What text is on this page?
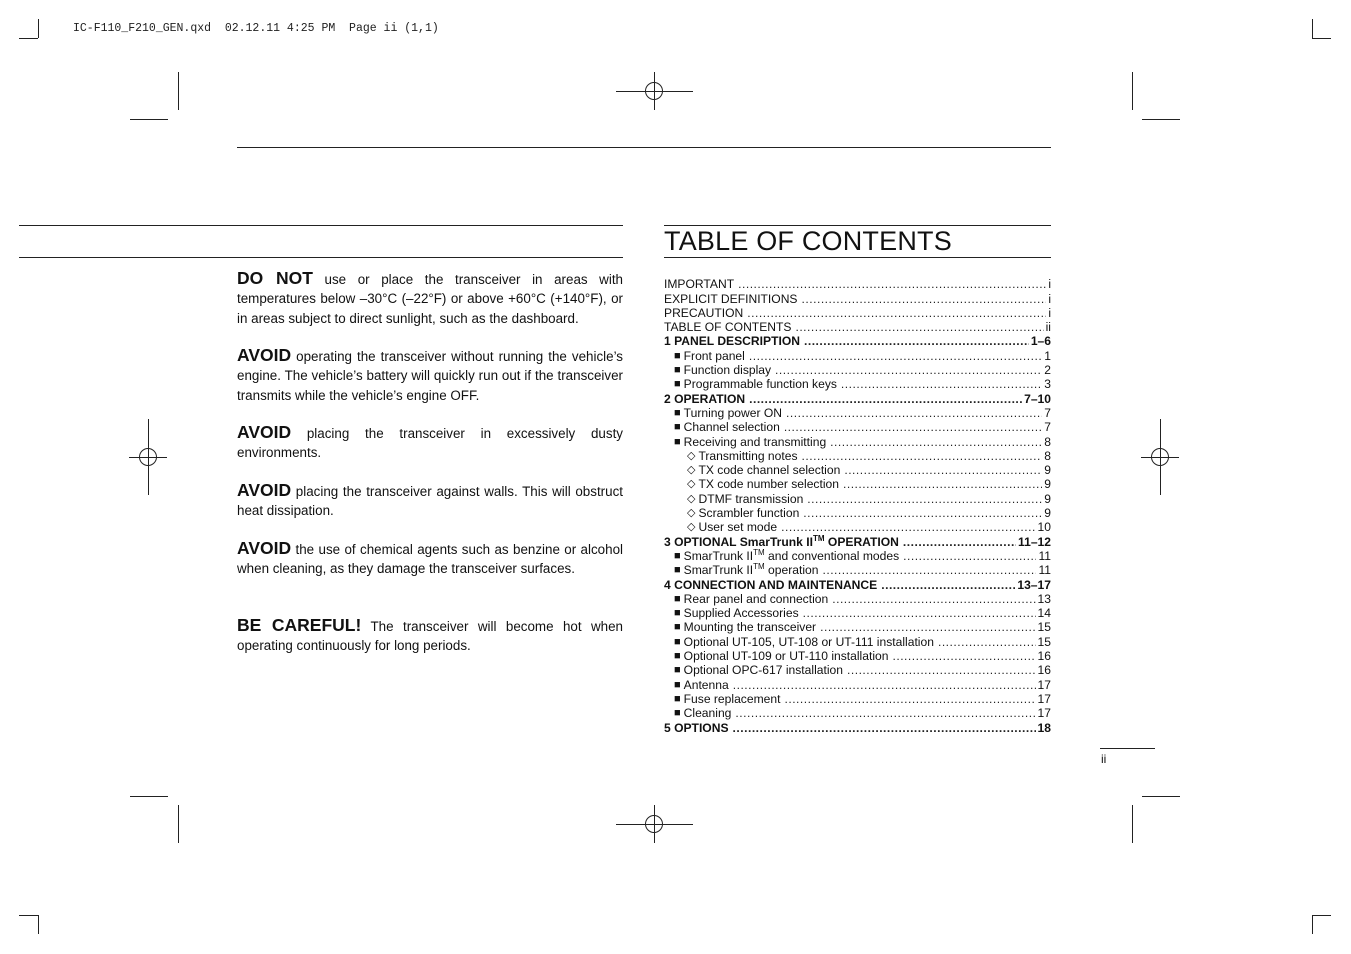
IC-F110_F210_GEN.qxd  02.12.11 4:25 PM  Page ii (1,1)

DO NOT use or place the transceiver in areas with temperatures below –30°C (–22°F) or above +60°C (+140°F), or in areas subject to direct sunlight, such as the dashboard.

AVOID operating the transceiver without running the vehicle’s engine. The vehicle’s battery will quickly run out if the transceiver transmits while the vehicle’s engine OFF.

AVOID placing the transceiver in excessively dusty environments.

AVOID placing the transceiver against walls. This will obstruct heat dissipation.

AVOID the use of chemical agents such as benzine or alcohol when cleaning, as they damage the transceiver surfaces.

BE CAREFUL! The transceiver will become hot when operating continuously for long periods.

TABLE OF CONTENTS
IMPORTANT .....	i
EXPLICIT DEFINITIONS .....	i
PRECAUTION .....	i
TABLE OF CONTENTS .....	ii
1 PANEL DESCRIPTION .....	1–6
■ Front panel .....	1
■ Function display .....	2
■ Programmable function keys .....	3
2 OPERATION .....	7–10
■ Turning power ON .....	7
■ Channel selection .....	7
■ Receiving and transmitting .....	8
◇ Transmitting notes .....	8
◇ TX code channel selection .....	9
◇ TX code number selection .....	9
◇ DTMF transmission .....	9
◇ Scrambler function .....	9
◇ User set mode .....	10
3 OPTIONAL SmarTrunk II™ OPERATION .....	11–12
■ SmarTrunk II™ and conventional modes .....	11
■ SmarTrunk II™ operation .....	11
4 CONNECTION AND MAINTENANCE .....	13–17
■ Rear panel and connection .....	13
■ Supplied Accessories .....	14
■ Mounting the transceiver .....	15
■ Optional UT-105, UT-108 or UT-111 installation .....	15
■ Optional UT-109 or UT-110 installation .....	16
■ Optional OPC-617 installation .....	16
■ Antenna .....	17
■ Fuse replacement .....	17
■ Cleaning .....	17
5 OPTIONS .....	18
ii
